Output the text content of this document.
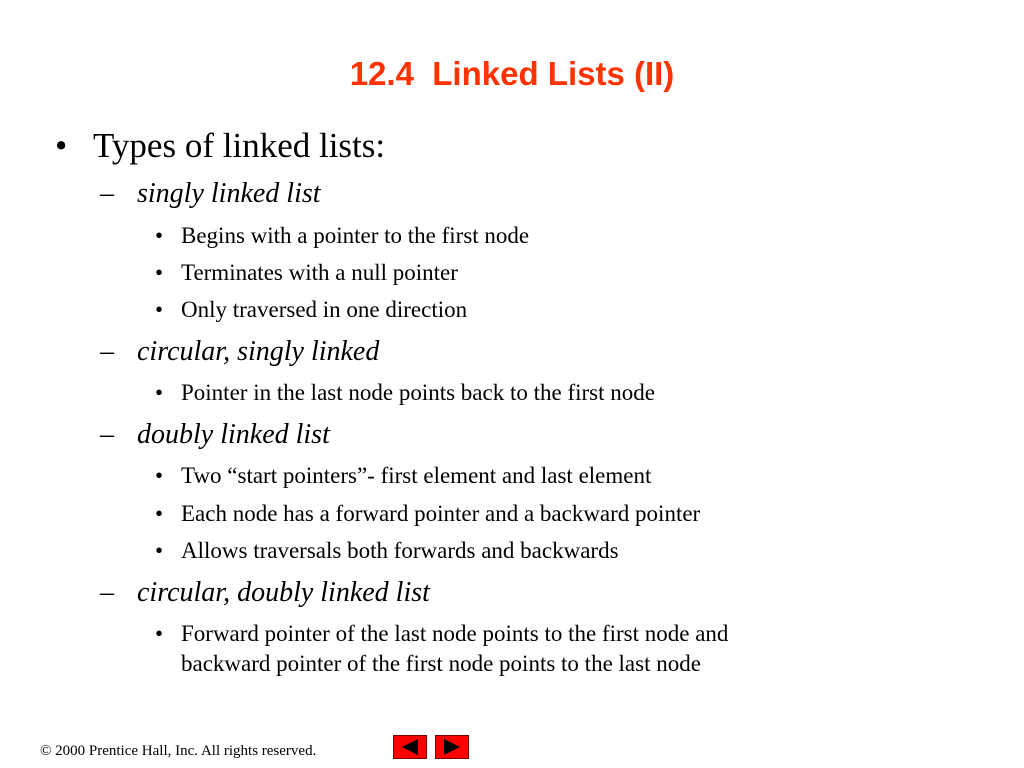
12.4  Linked Lists (II)
• Types of linked lists:
– singly linked list
• Begins with a pointer to the first node
• Terminates with a null pointer
• Only traversed in one direction
– circular, singly linked
• Pointer in the last node points back to the first node
– doubly linked list
• Two “start pointers”- first element and last element
• Each node has a forward pointer and a backward pointer
• Allows traversals both forwards and backwards
– circular, doubly linked list
• Forward pointer of the last node points to the first node and
backward pointer of the first node points to the last node
© 2000 Prentice Hall, Inc. All rights reserved.
